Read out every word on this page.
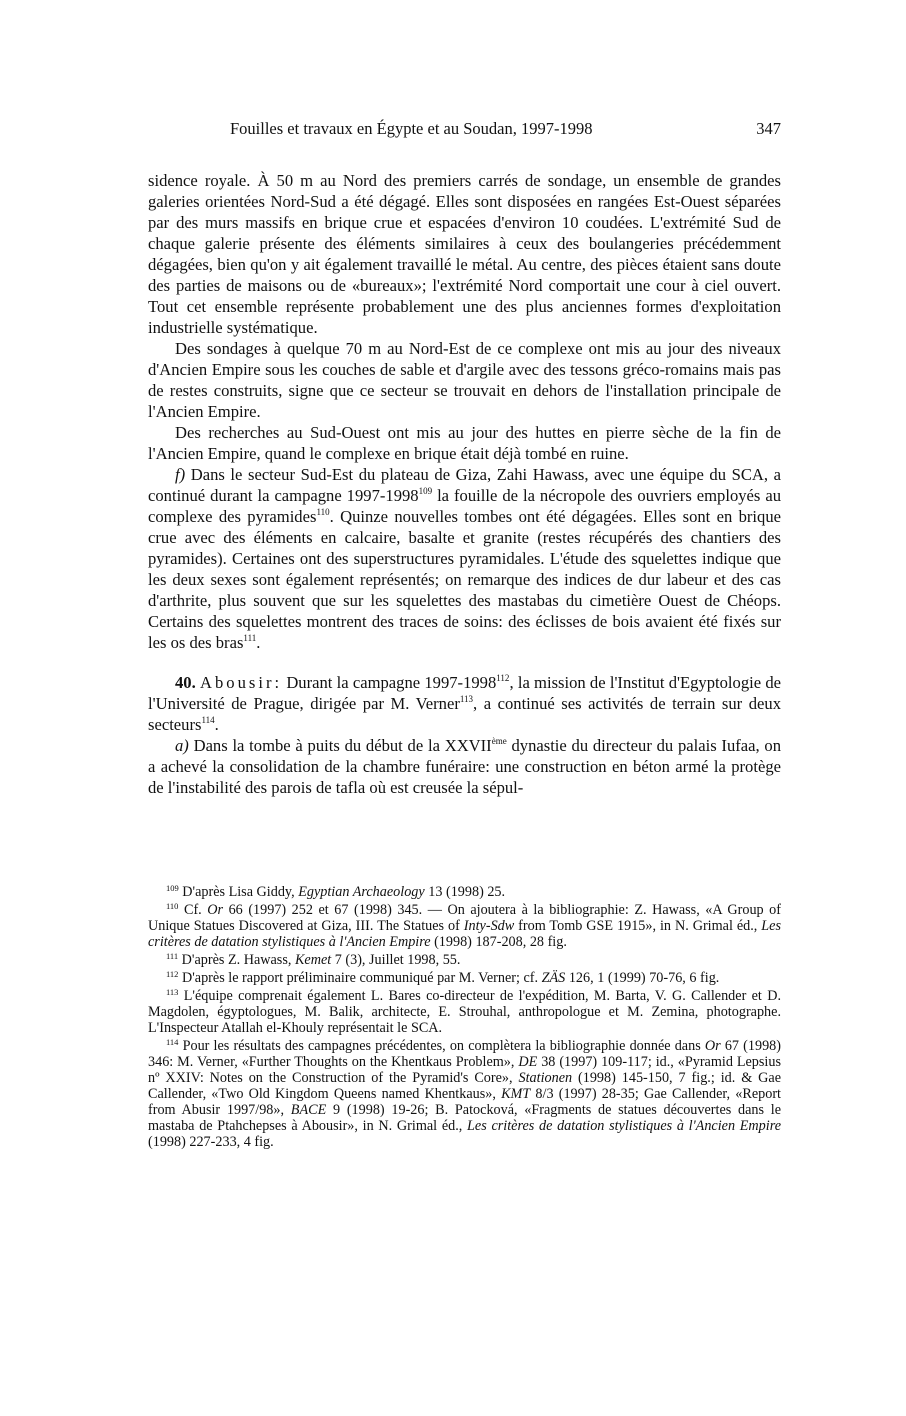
Fouilles et travaux en Égypte et au Soudan, 1997-1998	347

sidence royale. À 50 m au Nord des premiers carrés de sondage, un ensemble de grandes galeries orientées Nord-Sud a été dégagé. Elles sont disposées en rangées Est-Ouest séparées par des murs massifs en brique crue et espacées d'environ 10 coudées. L'extrémité Sud de chaque galerie présente des éléments similaires à ceux des boulangeries précédemment dégagées, bien qu'on y ait également travaillé le métal. Au centre, des pièces étaient sans doute des parties de maisons ou de «bureaux»; l'extrémité Nord comportait une cour à ciel ouvert. Tout cet ensemble représente probablement une des plus anciennes formes d'exploitation industrielle systématique.

Des sondages à quelque 70 m au Nord-Est de ce complexe ont mis au jour des niveaux d'Ancien Empire sous les couches de sable et d'argile avec des tessons gréco-romains mais pas de restes construits, signe que ce secteur se trouvait en dehors de l'installation principale de l'Ancien Empire.

Des recherches au Sud-Ouest ont mis au jour des huttes en pierre sèche de la fin de l'Ancien Empire, quand le complexe en brique était déjà tombé en ruine.

f) Dans le secteur Sud-Est du plateau de Giza, Zahi Hawass, avec une équipe du SCA, a continué durant la campagne 1997-1998$^{109}$ la fouille de la nécropole des ouvriers employés au complexe des pyramides$^{110}$. Quinze nouvelles tombes ont été dégagées. Elles sont en brique crue avec des éléments en calcaire, basalte et granite (restes récupérés des chantiers des pyramides). Certaines ont des superstructures pyramidales. L'étude des squelettes indique que les deux sexes sont également représentés; on remarque des indices de dur labeur et des cas d'arthrite, plus souvent que sur les squelettes des mastabas du cimetière Ouest de Chéops. Certains des squelettes montrent des traces de soins: des éclisses de bois avaient été fixés sur les os des bras$^{111}$.

40. Abousir: Durant la campagne 1997-1998$^{112}$, la mission de l'Institut d'Egyptologie de l'Université de Prague, dirigée par M. Verner$^{113}$, a continué ses activités de terrain sur deux secteurs$^{114}$.

a) Dans la tombe à puits du début de la XXVIIème dynastie du directeur du palais Iufaa, on a achevé la consolidation de la chambre funéraire: une construction en béton armé la protège de l'instabilité des parois de tafla où est creusée la sépul-

$^{109}$ D'après Lisa Giddy, Egyptian Archaeology 13 (1998) 25.

$^{110}$ Cf. Or 66 (1997) 252 et 67 (1998) 345. — On ajoutera à la bibliographie: Z. Hawass, «A Group of Unique Statues Discovered at Giza, III. The Statues of Inty-Sdw from Tomb GSE 1915», in N. Grimal éd., Les critères de datation stylistiques à l'Ancien Empire (1998) 187-208, 28 fig.

$^{111}$ D'après Z. Hawass, Kemet 7 (3), Juillet 1998, 55.

$^{112}$ D'après le rapport préliminaire communiqué par M. Verner; cf. ZÄS 126, 1 (1999) 70-76, 6 fig.

$^{113}$ L'équipe comprenait également L. Bares co-directeur de l'expédition, M. Barta, V. G. Callender et D. Magdolen, égyptologues, M. Balik, architecte, E. Strouhal, anthropologue et M. Zemina, photographe. L'Inspecteur Atallah el-Khouly représentait le SCA.

$^{114}$ Pour les résultats des campagnes précédentes, on complètera la bibliographie donnée dans Or 67 (1998) 346: M. Verner, «Further Thoughts on the Khentkaus Problem», DE 38 (1997) 109-117; id., «Pyramid Lepsius nº XXIV: Notes on the Construction of the Pyramid's Core», Stationen (1998) 145-150, 7 fig.; id. & Gae Callender, «Two Old Kingdom Queens named Khentkaus», KMT 8/3 (1997) 28-35; Gae Callender, «Report from Abusir 1997/98», BACE 9 (1998) 19-26; B. Patocková, «Fragments de statues découvertes dans le mastaba de Ptahchepses à Abousir», in N. Grimal éd., Les critères de datation stylistiques à l'Ancien Empire (1998) 227-233, 4 fig.
